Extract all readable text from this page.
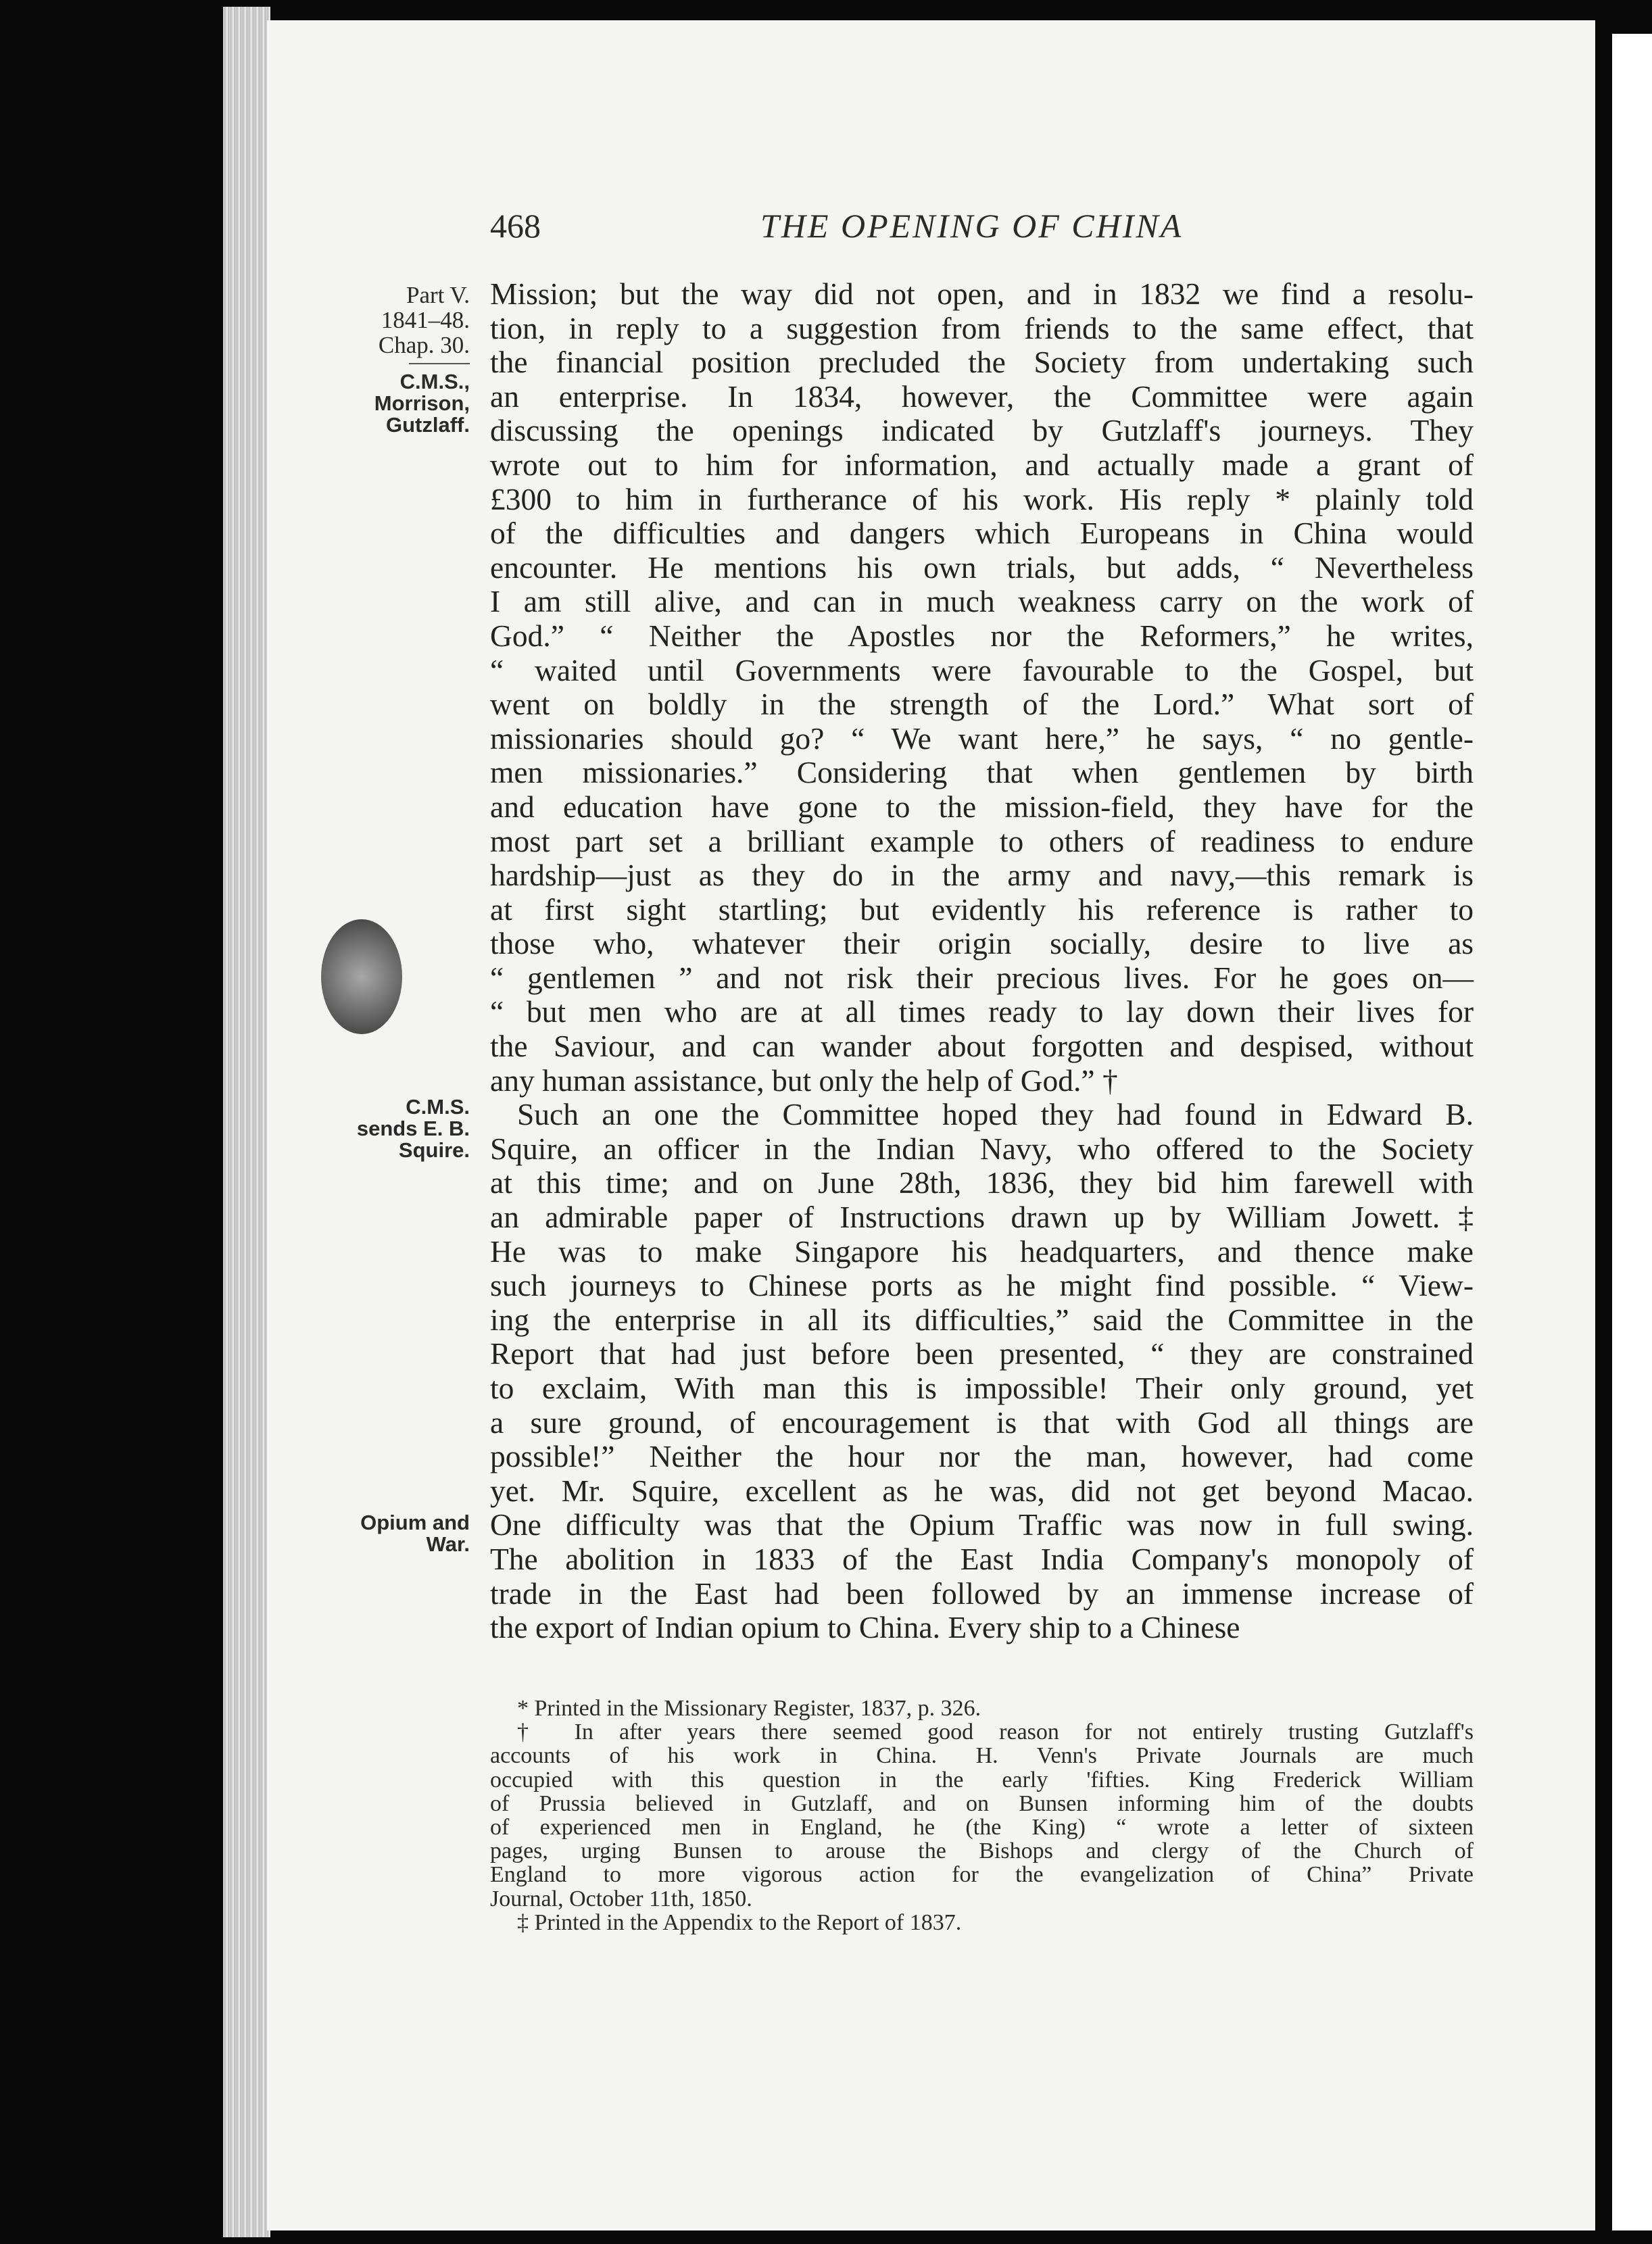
468	THE OPENING OF CHINA
Part V.
1841–48.
Chap. 30.
C.M.S.,
Morrison,
Gutzlaff.
C.M.S.
sends E. B.
Squire.
Opium and
War.
Mission; but the way did not open, and in 1832 we find a resolu-
tion, in reply to a suggestion from friends to the same effect, that
the financial position precluded the Society from undertaking such
an enterprise. In 1834, however, the Committee were again
discussing the openings indicated by Gutzlaff's journeys. They
wrote out to him for information, and actually made a grant of
£300 to him in furtherance of his work. His reply * plainly told
of the difficulties and dangers which Europeans in China would
encounter. He mentions his own trials, but adds, “ Nevertheless
I am still alive, and can in much weakness carry on the work of
God.” “ Neither the Apostles nor the Reformers,” he writes,
“ waited until Governments were favourable to the Gospel, but
went on boldly in the strength of the Lord.” What sort of
missionaries should go? “ We want here,” he says, “ no gentle-
men missionaries.” Considering that when gentlemen by birth
and education have gone to the mission-field, they have for the
most part set a brilliant example to others of readiness to endure
hardship—just as they do in the army and navy,—this remark is
at first sight startling; but evidently his reference is rather to
those who, whatever their origin socially, desire to live as
“ gentlemen ” and not risk their precious lives. For he goes on—
“ but men who are at all times ready to lay down their lives for
the Saviour, and can wander about forgotten and despised, without
any human assistance, but only the help of God.” †
Such an one the Committee hoped they had found in Edward B.
Squire, an officer in the Indian Navy, who offered to the Society
at this time; and on June 28th, 1836, they bid him farewell with
an admirable paper of Instructions drawn up by William Jowett.‡
He was to make Singapore his headquarters, and thence make
such journeys to Chinese ports as he might find possible. “ View-
ing the enterprise in all its difficulties,” said the Committee in the
Report that had just before been presented, “ they are constrained
to exclaim, With man this is impossible! Their only ground, yet
a sure ground, of encouragement is that with God all things are
possible!” Neither the hour nor the man, however, had come
yet. Mr. Squire, excellent as he was, did not get beyond Macao.
One difficulty was that the Opium Traffic was now in full swing.
The abolition in 1833 of the East India Company's monopoly of
trade in the East had been followed by an immense increase of
the export of Indian opium to China. Every ship to a Chinese
* Printed in the Missionary Register, 1837, p. 326.
† In after years there seemed good reason for not entirely trusting Gutzlaff's
accounts of his work in China. H. Venn's Private Journals are much
occupied with this question in the early 'fifties. King Frederick William
of Prussia believed in Gutzlaff, and on Bunsen informing him of the doubts
of experienced men in England, he (the King) “ wrote a letter of sixteen
pages, urging Bunsen to arouse the Bishops and clergy of the Church of
England to more vigorous action for the evangelization of China” Private
Journal, October 11th, 1850.
‡ Printed in the Appendix to the Report of 1837.
